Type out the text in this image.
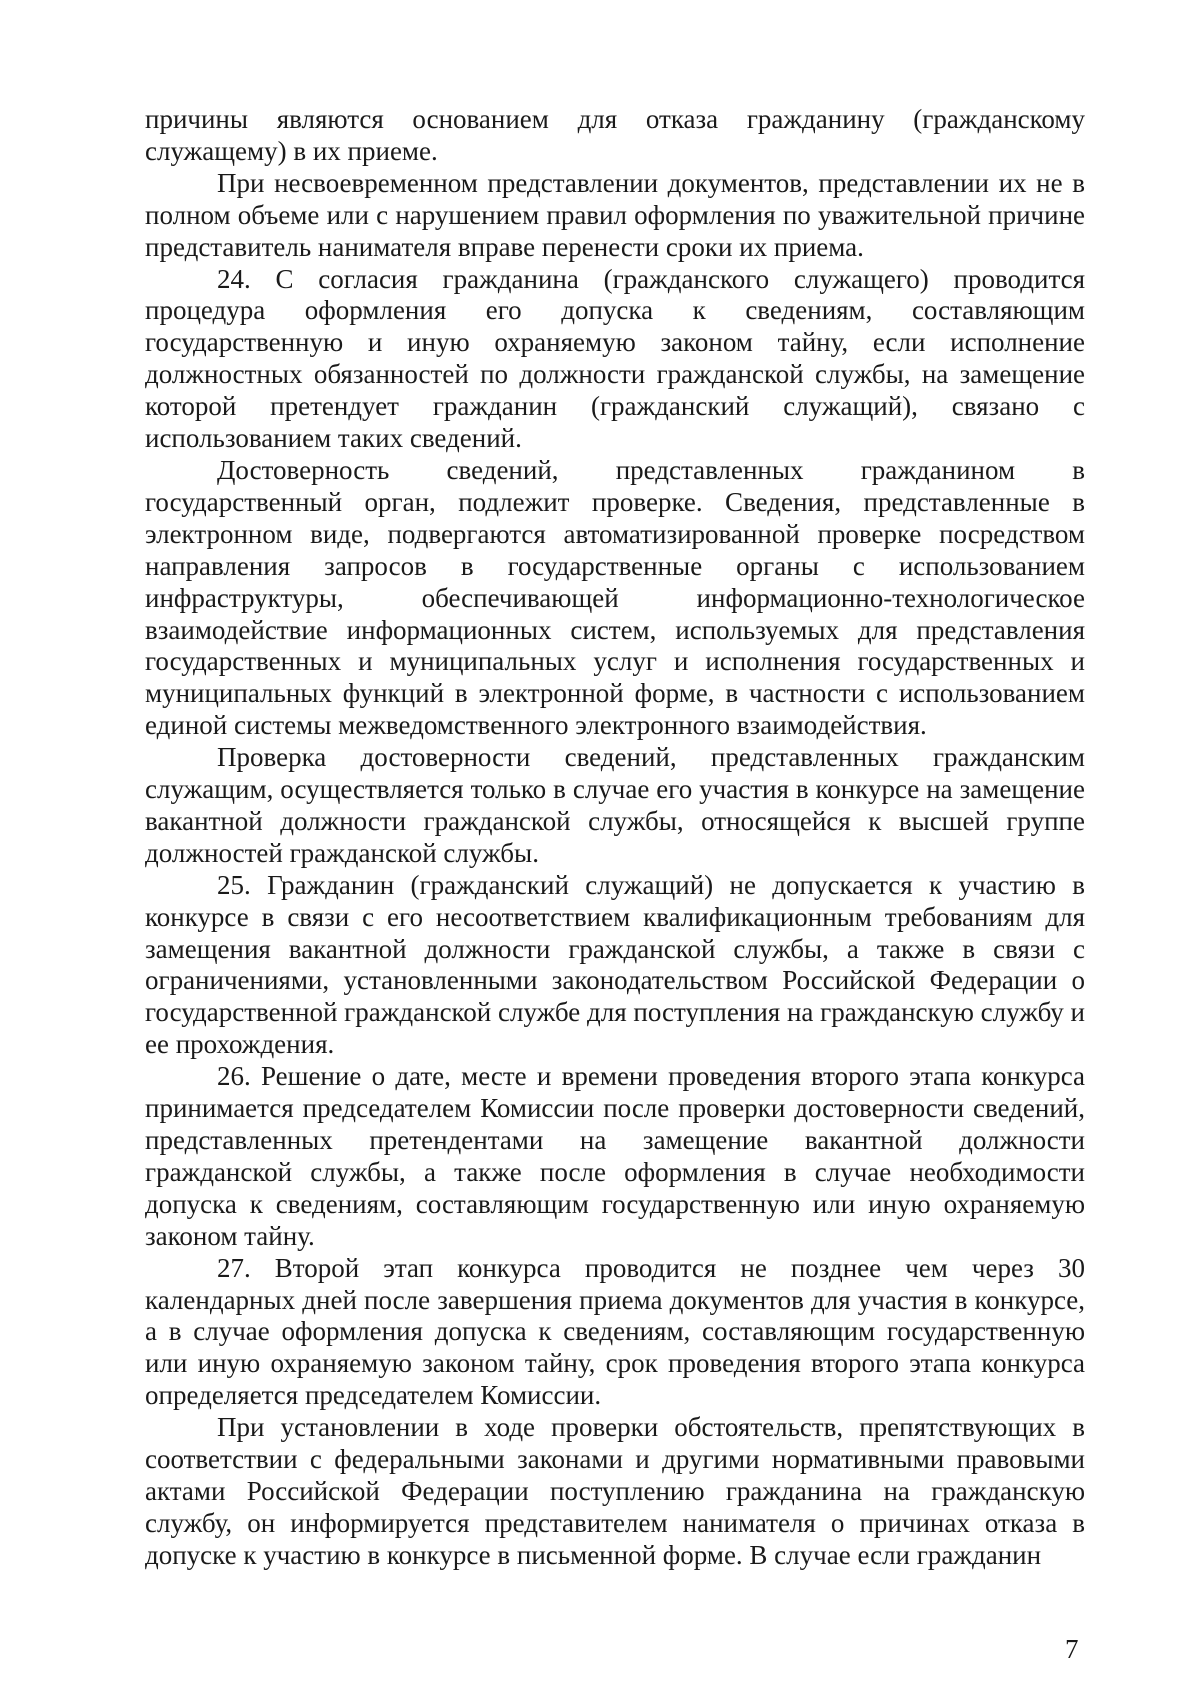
причины являются основанием для отказа гражданину (гражданскому служащему) в их приеме.

При несвоевременном представлении документов, представлении их не в полном объеме или с нарушением правил оформления по уважительной причине представитель нанимателя вправе перенести сроки их приема.

24. С согласия гражданина (гражданского служащего) проводится процедура оформления его допуска к сведениям, составляющим государственную и иную охраняемую законом тайну, если исполнение должностных обязанностей по должности гражданской службы, на замещение которой претендует гражданин (гражданский служащий), связано с использованием таких сведений.

Достоверность сведений, представленных гражданином в государственный орган, подлежит проверке. Сведения, представленные в электронном виде, подвергаются автоматизированной проверке посредством направления запросов в государственные органы с использованием инфраструктуры, обеспечивающей информационно-технологическое взаимодействие информационных систем, используемых для представления государственных и муниципальных услуг и исполнения государственных и муниципальных функций в электронной форме, в частности с использованием единой системы межведомственного электронного взаимодействия.

Проверка достоверности сведений, представленных гражданским служащим, осуществляется только в случае его участия в конкурсе на замещение вакантной должности гражданской службы, относящейся к высшей группе должностей гражданской службы.

25. Гражданин (гражданский служащий) не допускается к участию в конкурсе в связи с его несоответствием квалификационным требованиям для замещения вакантной должности гражданской службы, а также в связи с ограничениями, установленными законодательством Российской Федерации о государственной гражданской службе для поступления на гражданскую службу и ее прохождения.

26. Решение о дате, месте и времени проведения второго этапа конкурса принимается председателем Комиссии после проверки достоверности сведений, представленных претендентами на замещение вакантной должности гражданской службы, а также после оформления в случае необходимости допуска к сведениям, составляющим государственную или иную охраняемую законом тайну.

27. Второй этап конкурса проводится не позднее чем через 30 календарных дней после завершения приема документов для участия в конкурсе, а в случае оформления допуска к сведениям, составляющим государственную или иную охраняемую законом тайну, срок проведения второго этапа конкурса определяется председателем Комиссии.

При установлении в ходе проверки обстоятельств, препятствующих в соответствии с федеральными законами и другими нормативными правовыми актами Российской Федерации поступлению гражданина на гражданскую службу, он информируется представителем нанимателя о причинах отказа в допуске к участию в конкурсе в письменной форме. В случае если гражданин

7
